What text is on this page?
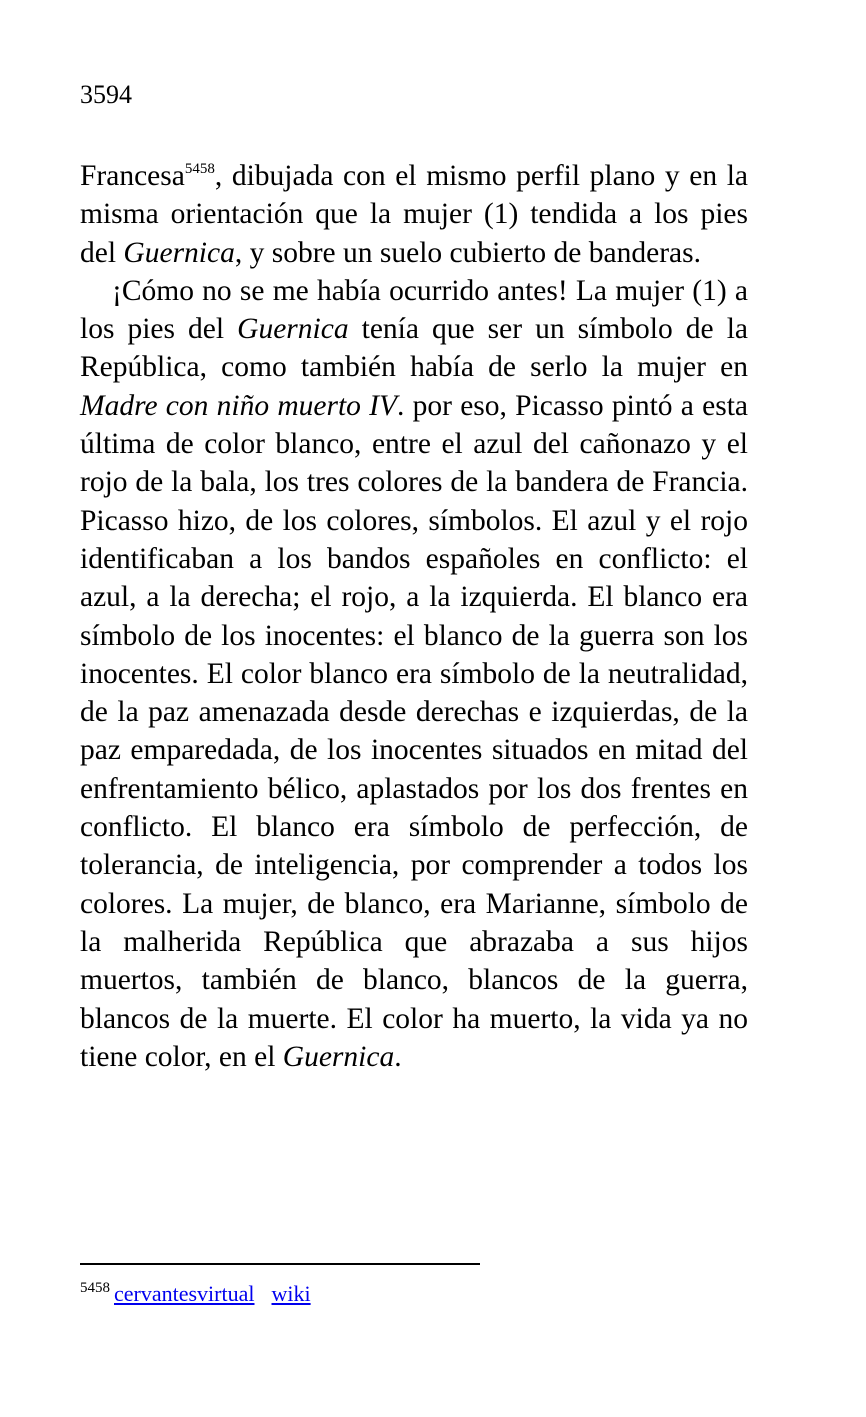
3594

Francesa$^{5458}$, dibujada con el mismo perfil plano y en la misma orientación que la mujer (1) tendida a los pies del Guernica, y sobre un suelo cubierto de banderas.

¡Cómo no se me había ocurrido antes! La mujer (1) a los pies del Guernica tenía que ser un símbolo de la República, como también había de serlo la mujer en Madre con niño muerto IV. por eso, Picasso pintó a esta última de color blanco, entre el azul del cañonazo y el rojo de la bala, los tres colores de la bandera de Francia. Picasso hizo, de los colores, símbolos. El azul y el rojo identificaban a los bandos españoles en conflicto: el azul, a la derecha; el rojo, a la izquierda. El blanco era símbolo de los inocentes: el blanco de la guerra son los inocentes. El color blanco era símbolo de la neutralidad, de la paz amenazada desde derechas e izquierdas, de la paz emparedada, de los inocentes situados en mitad del enfrentamiento bélico, aplastados por los dos frentes en conflicto. El blanco era símbolo de perfección, de tolerancia, de inteligencia, por comprender a todos los colores. La mujer, de blanco, era Marianne, símbolo de la malherida República que abrazaba a sus hijos muertos, también de blanco, blancos de la guerra, blancos de la muerte. El color ha muerto, la vida ya no tiene color, en el Guernica.

$^{5458}$ cervantesvirtual wiki
